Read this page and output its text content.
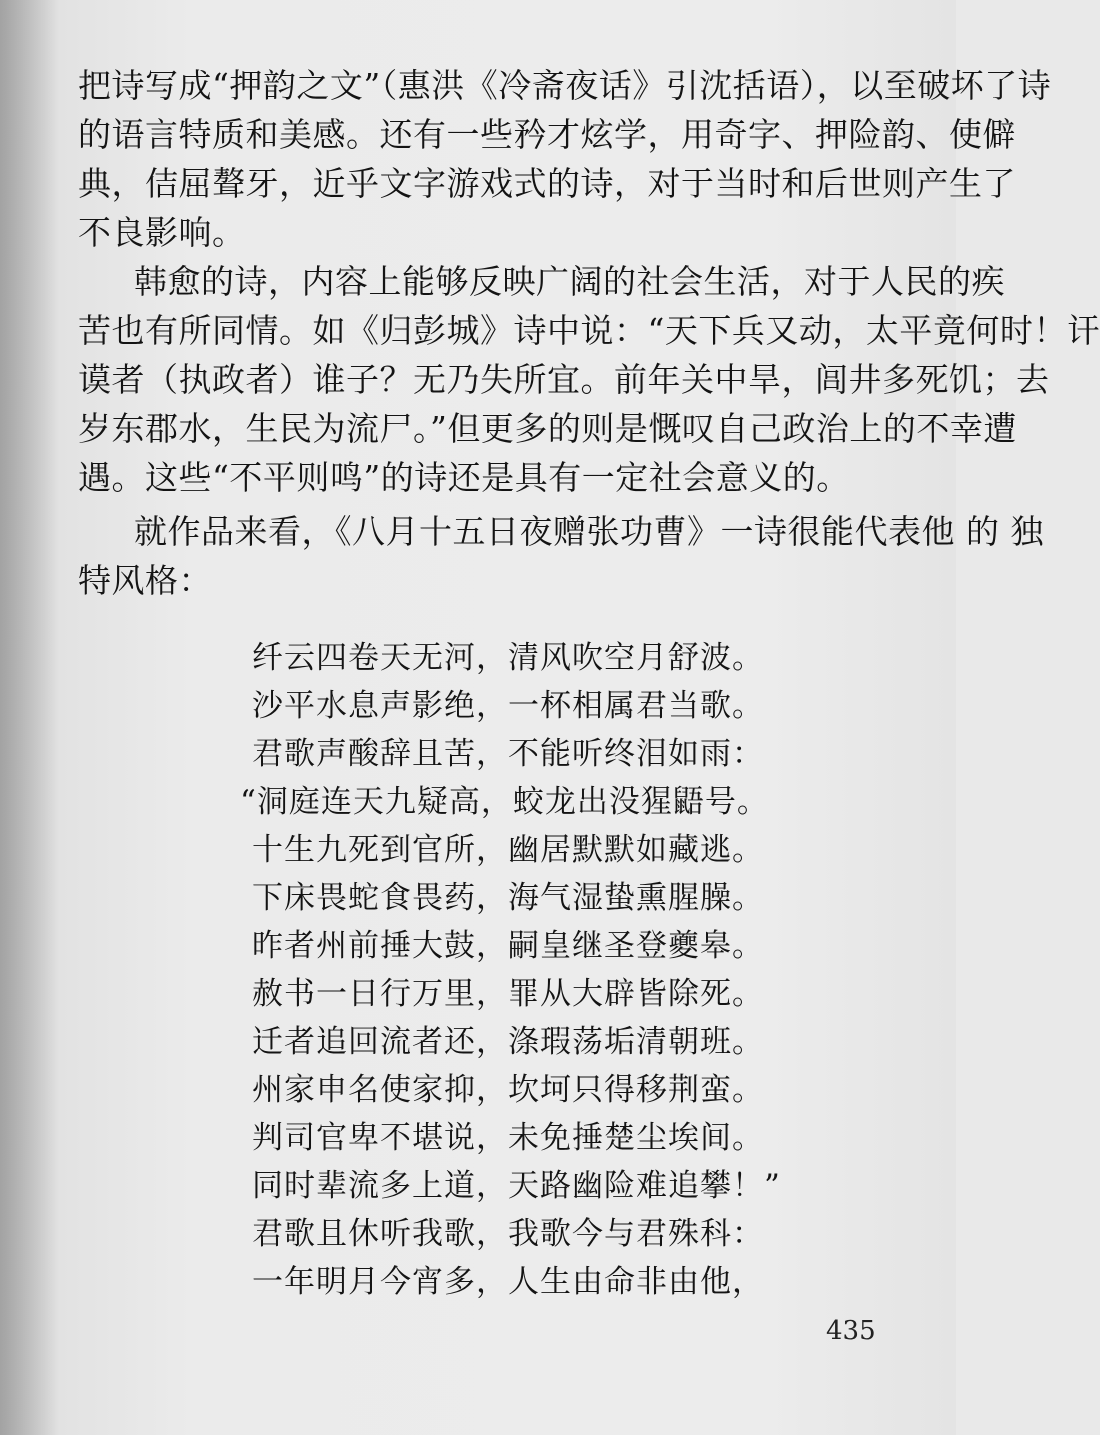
把诗写成“押韵之文”（惠洪《冷斋夜话》引沈括语），以至破坏了诗
的语言特质和美感。还有一些矜才炫学，用奇字、押险韵、使僻
典，佶屈聱牙，近乎文字游戏式的诗，对于当时和后世则产生了
不良影响。
韩愈的诗，内容上能够反映广阔的社会生活，对于人民的疾
苦也有所同情。如《归彭城》诗中说：“天下兵又动，太平竟何时！讦
谟者（执政者）谁子？无乃失所宜。前年关中旱，闾井多死饥；去
岁东郡水，生民为流尸。”但更多的则是慨叹自己政治上的不幸遭
遇。这些“不平则鸣”的诗还是具有一定社会意义的。
就作品来看，《八月十五日夜赠张功曹》一诗很能代表他 的 独
特风格：
纤云四卷天无河，清风吹空月舒波。
沙平水息声影绝，一杯相属君当歌。
君歌声酸辞且苦，不能听终泪如雨：
“洞庭连天九疑高，蛟龙出没猩鼯号。
十生九死到官所，幽居默默如藏逃。
下床畏蛇食畏药，海气湿蛰熏腥臊。
昨者州前捶大鼓，嗣皇继圣登夔皋。
赦书一日行万里，罪从大辟皆除死。
迁者追回流者还，涤瑕荡垢清朝班。
州家申名使家抑，坎坷只得移荆蛮。
判司官卑不堪说，未免捶楚尘埃间。
同时辈流多上道，天路幽险难追攀！”
君歌且休听我歌，我歌今与君殊科：
一年明月今宵多，人生由命非由他，
435
